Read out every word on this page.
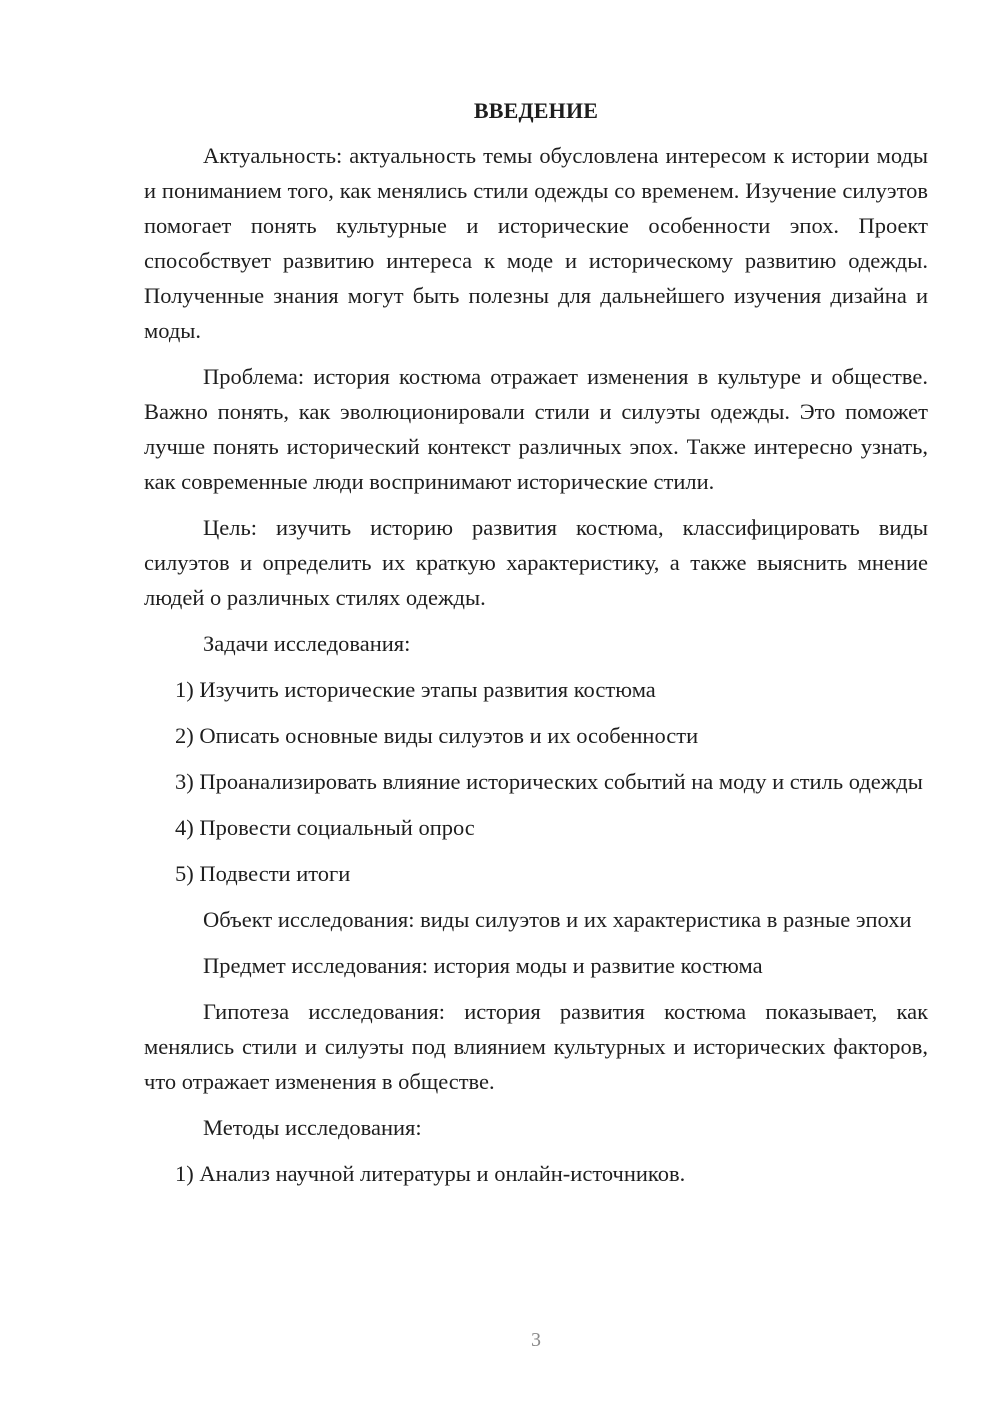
ВВЕДЕНИЕ

Актуальность: актуальность темы обусловлена интересом к истории моды и пониманием того, как менялись стили одежды со временем. Изучение силуэтов помогает понять культурные и исторические особенности эпох. Проект способствует развитию интереса к моде и историческому развитию одежды. Полученные знания могут быть полезны для дальнейшего изучения дизайна и моды.

Проблема: история костюма отражает изменения в культуре и обществе. Важно понять, как эволюционировали стили и силуэты одежды. Это поможет лучше понять исторический контекст различных эпох. Также интересно узнать, как современные люди воспринимают исторические стили.

Цель: изучить историю развития костюма, классифицировать виды силуэтов и определить их краткую характеристику, а также выяснить мнение людей о различных стилях одежды.

Задачи исследования:

1) Изучить исторические этапы развития костюма

2) Описать основные виды силуэтов и их особенности

3) Проанализировать влияние исторических событий на моду и стиль одежды

4) Провести социальный опрос

5) Подвести итоги

Объект исследования: виды силуэтов и их характеристика в разные эпохи

Предмет исследования: история моды и развитие костюма

Гипотеза исследования: история развития костюма показывает, как менялись стили и силуэты под влиянием культурных и исторических факторов, что отражает изменения в обществе.

Методы исследования:

1) Анализ научной литературы и онлайн-источников.

3
